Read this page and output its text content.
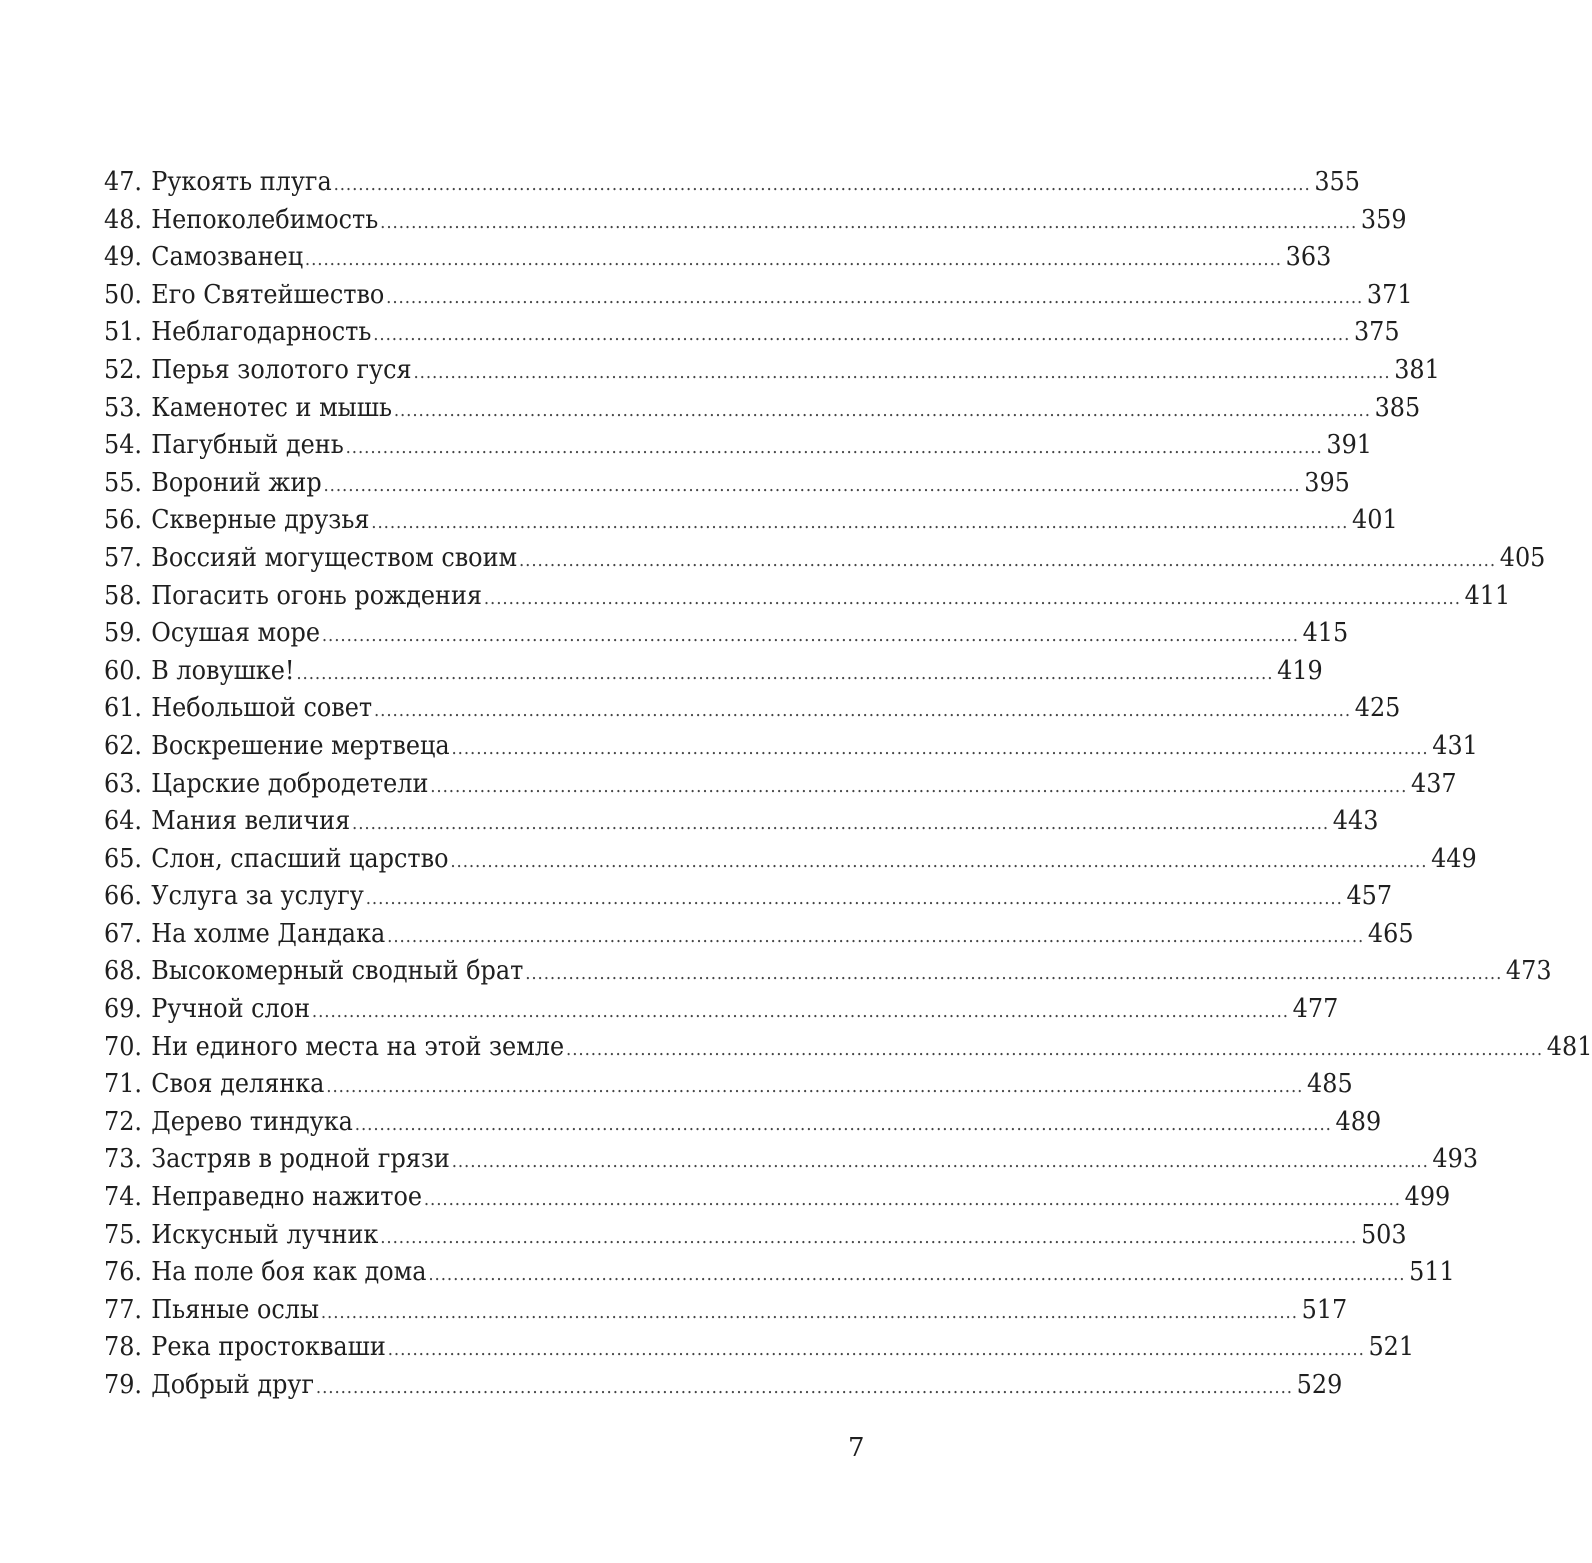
47. Рукоять плуга .............................................................................................................................................................. 355
48. Непоколебимость .............................................................................................................................................................. 359
49. Самозванец .............................................................................................................................................................. 363
50. Его Святейшество .............................................................................................................................................................. 371
51. Неблагодарность .............................................................................................................................................................. 375
52. Перья золотого гуся .............................................................................................................................................................. 381
53. Каменотес и мышь .............................................................................................................................................................. 385
54. Пагубный день .............................................................................................................................................................. 391
55. Вороний жир .............................................................................................................................................................. 395
56. Скверные друзья .............................................................................................................................................................. 401
57. Воссияй могуществом своим .............................................................................................................................................................. 405
58. Погасить огонь рождения .............................................................................................................................................................. 411
59. Осушая море .............................................................................................................................................................. 415
60. В ловушке! .............................................................................................................................................................. 419
61. Небольшой совет .............................................................................................................................................................. 425
62. Воскрешение мертвеца .............................................................................................................................................................. 431
63. Царские добродетели .............................................................................................................................................................. 437
64. Мания величия .............................................................................................................................................................. 443
65. Слон, спасший царство .............................................................................................................................................................. 449
66. Услуга за услугу .............................................................................................................................................................. 457
67. На холме Дандака .............................................................................................................................................................. 465
68. Высокомерный сводный брат .............................................................................................................................................................. 473
69. Ручной слон .............................................................................................................................................................. 477
70. Ни единого места на этой земле .............................................................................................................................................................. 481
71. Своя делянка .............................................................................................................................................................. 485
72. Дерево тиндука .............................................................................................................................................................. 489
73. Застряв в родной грязи .............................................................................................................................................................. 493
74. Неправедно нажитое .............................................................................................................................................................. 499
75. Искусный лучник .............................................................................................................................................................. 503
76. На поле боя как дома .............................................................................................................................................................. 511
77. Пьяные ослы .............................................................................................................................................................. 517
78. Река простокваши .............................................................................................................................................................. 521
79. Добрый друг .............................................................................................................................................................. 529
7
